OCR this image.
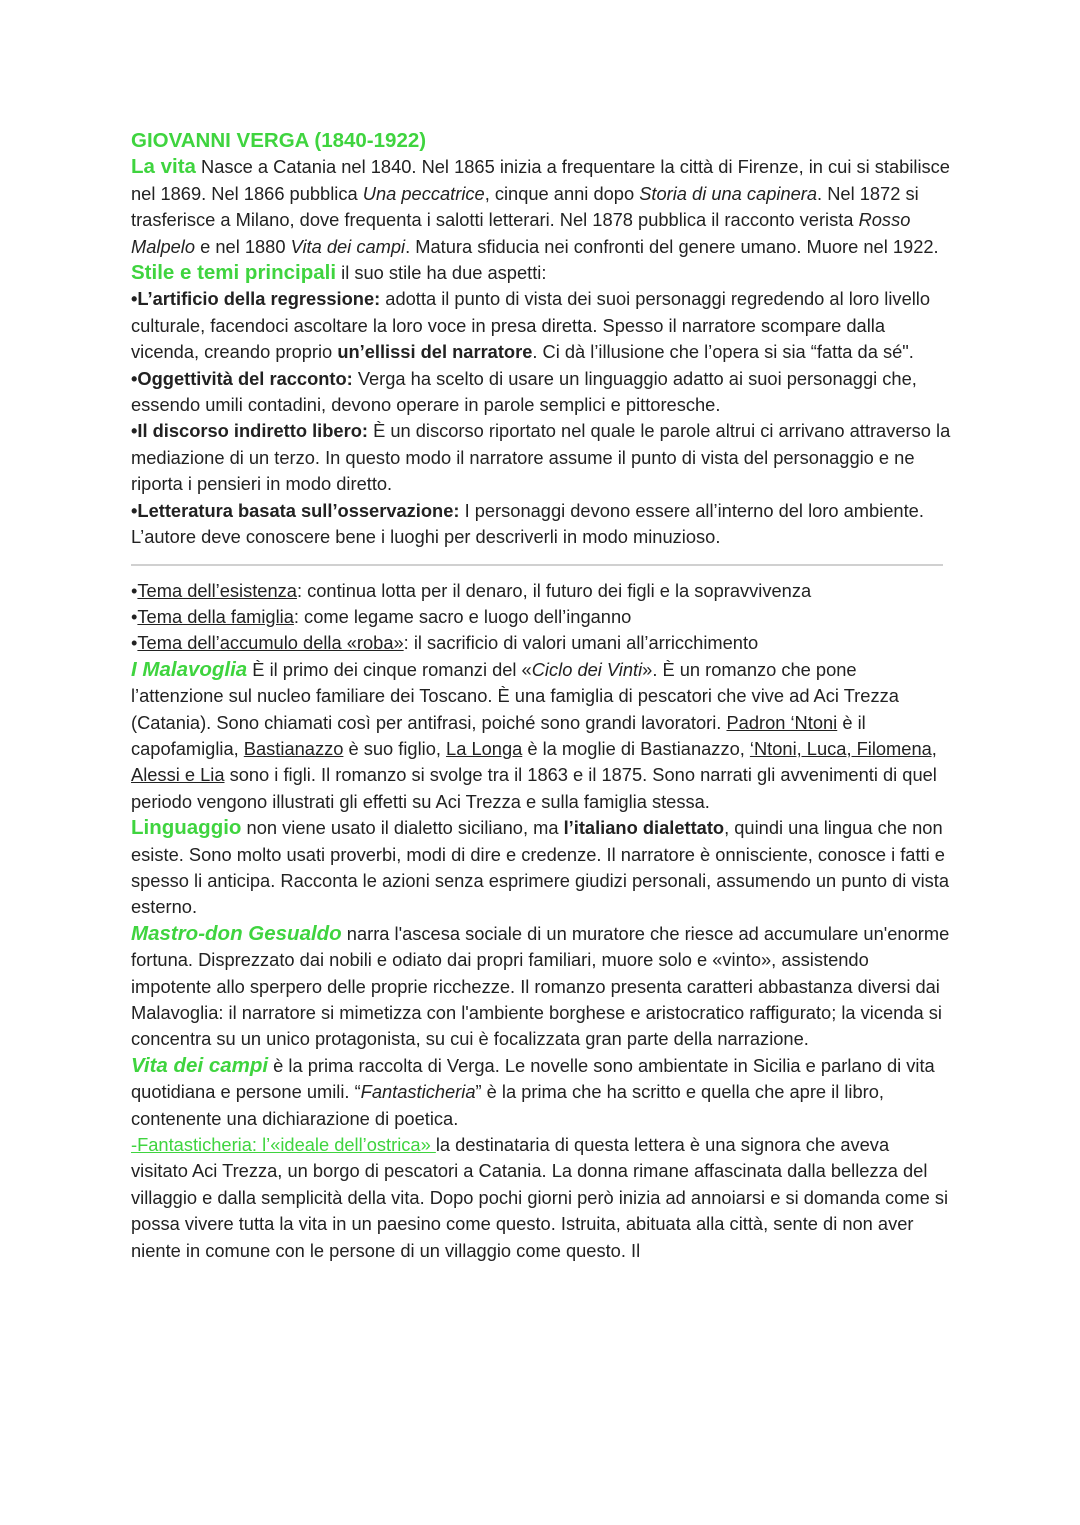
GIOVANNI VERGA (1840-1922)

La vita Nasce a Catania nel 1840. Nel 1865 inizia a frequentare la città di Firenze, in cui si stabilisce nel 1869. Nel 1866 pubblica Una peccatrice, cinque anni dopo Storia di una capinera. Nel 1872 si trasferisce a Milano, dove frequenta i salotti letterari. Nel 1878 pubblica il racconto verista Rosso Malpelo e nel 1880 Vita dei campi. Matura sfiducia nei confronti del genere umano. Muore nel 1922.

Stile e temi principali il suo stile ha due aspetti:

•L’artificio della regressione: adotta il punto di vista dei suoi personaggi regredendo al loro livello culturale, facendoci ascoltare la loro voce in presa diretta. Spesso il narratore scompare dalla vicenda, creando proprio un’ellissi del narratore. Ci dà l’illusione che l’opera si sia “fatta da sé".

•Oggettività del racconto: Verga ha scelto di usare un linguaggio adatto ai suoi personaggi che, essendo umili contadini, devono operare in parole semplici e pittoresche.

•Il discorso indiretto libero: È un discorso riportato nel quale le parole altrui ci arrivano attraverso la mediazione di un terzo. In questo modo il narratore assume il punto di vista del personaggio e ne riporta i pensieri in modo diretto.

•Letteratura basata sull’osservazione: I personaggi devono essere all’interno del loro ambiente. L’autore deve conoscere bene i luoghi per descriverli in modo minuzioso.

•Tema dell’esistenza: continua lotta per il denaro, il futuro dei figli e la sopravvivenza

•Tema della famiglia: come legame sacro e luogo dell’inganno

•Tema dell’accumulo della «roba»: il sacrificio di valori umani all’arricchimento

I Malavoglia È il primo dei cinque romanzi del «Ciclo dei Vinti». È un romanzo che pone l’attenzione sul nucleo familiare dei Toscano. È una famiglia di pescatori che vive ad Aci Trezza (Catania). Sono chiamati così per antifrasi, poiché sono grandi lavoratori. Padron ‘Ntoni è il capofamiglia, Bastianazzo è suo figlio, La Longa è la moglie di Bastianazzo, ‘Ntoni, Luca, Filomena, Alessi e Lia sono i figli. Il romanzo si svolge tra il 1863 e il 1875. Sono narrati gli avvenimenti di quel periodo vengono illustrati gli effetti su Aci Trezza e sulla famiglia stessa.

Linguaggio non viene usato il dialetto siciliano, ma l’italiano dialettato, quindi una lingua che non esiste. Sono molto usati proverbi, modi di dire e credenze. Il narratore è onnisciente, conosce i fatti e spesso li anticipa. Racconta le azioni senza esprimere giudizi personali, assumendo un punto di vista esterno.

Mastro-don Gesualdo narra l'ascesa sociale di un muratore che riesce ad accumulare un'enorme fortuna. Disprezzato dai nobili e odiato dai propri familiari, muore solo e «vinto», assistendo impotente allo sperpero delle proprie ricchezze. Il romanzo presenta caratteri abbastanza diversi dai Malavoglia: il narratore si mimetizza con l'ambiente borghese e aristocratico raffigurato; la vicenda si concentra su un unico protagonista, su cui è focalizzata gran parte della narrazione.

Vita dei campi è la prima raccolta di Verga. Le novelle sono ambientate in Sicilia e parlano di vita quotidiana e persone umili. “Fantasticheria” è la prima che ha scritto e quella che apre il libro, contenente una dichiarazione di poetica.

-Fantasticheria: l’«ideale dell’ostrica» la destinataria di questa lettera è una signora che aveva visitato Aci Trezza, un borgo di pescatori a Catania. La donna rimane affascinata dalla bellezza del villaggio e dalla semplicità della vita. Dopo pochi giorni però inizia ad annoiarsi e si domanda come si possa vivere tutta la vita in un paesino come questo. Istruita, abituata alla città, sente di non aver niente in comune con le persone di un villaggio come questo. Il
